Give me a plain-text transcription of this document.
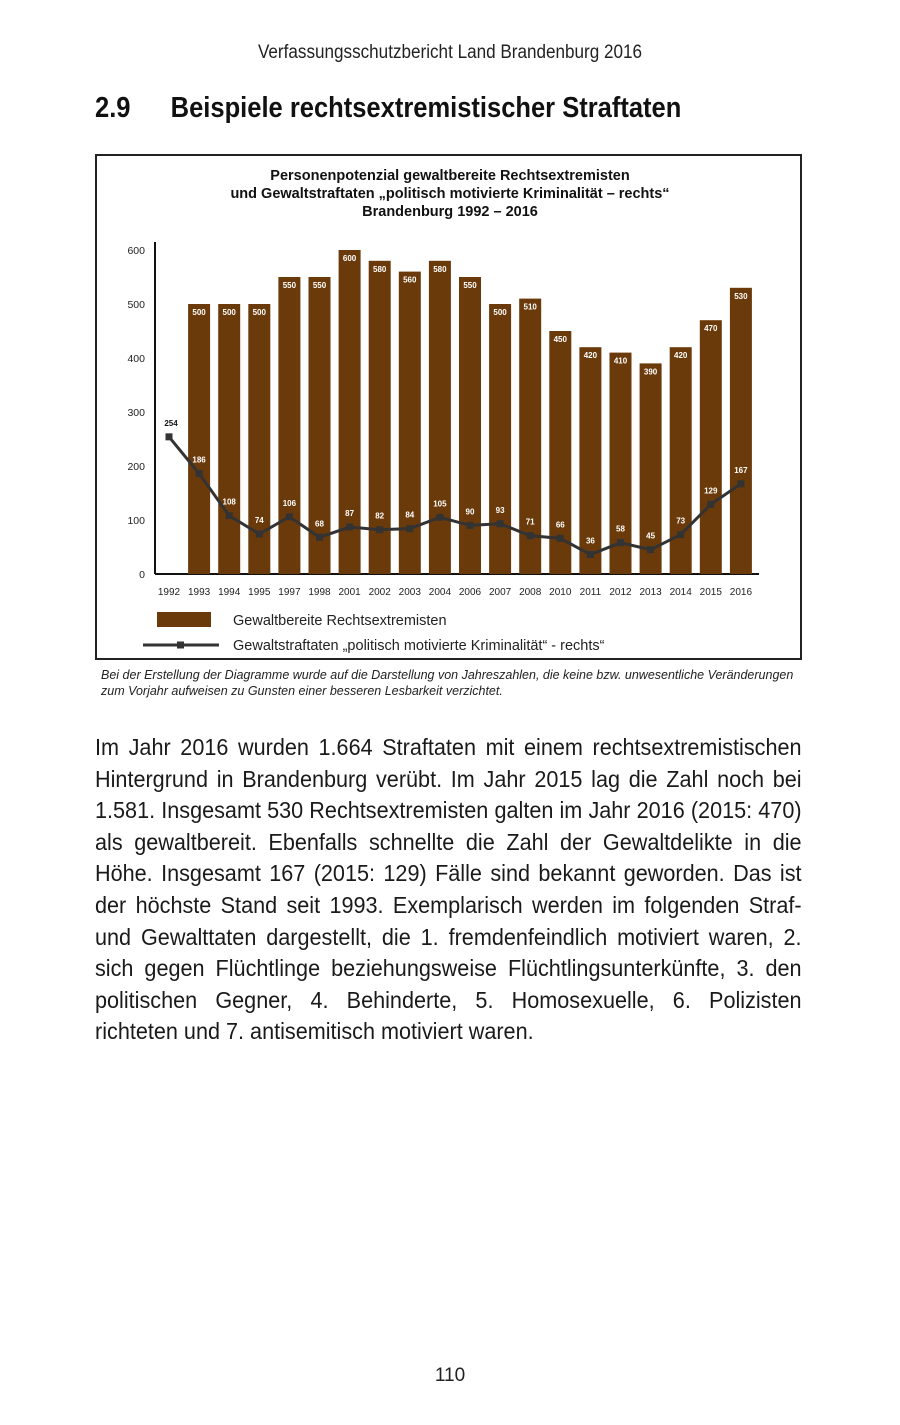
Verfassungsschutzbericht Land Brandenburg 2016
2.9 Beispiele rechtsextremistischer Straftaten
Personenpotenzial gewaltbereite Rechtsextremisten
und Gewaltstraftaten „politisch motivierte Kriminalität – rechts“
Brandenburg 1992 – 2016
0
100
200
300
400
500
600
500 500 500
550 550
600
580
560
580
550
500
510
450
420
410
390
420
470
530
254
186
108
74
106
68
87	82	84
105
90	93
71	66
36
58
45
73
129
167
1992 1993 1994 1995 1997 1998 2001 2002 2003 2004 2006 2007 2008 2010 2011 2012 2013 2014 2015 2016
Gewaltbereite Rechtsextremisten
Gewaltstraftaten „politisch motivierte Kriminalität“ - rechts“
Bei der Erstellung der Diagramme wurde auf die Darstellung von Jahreszahlen, die keine bzw. unwesentliche Veränderungen zum Vorjahr aufweisen zu Gunsten einer besseren Lesbarkeit verzichtet.
Im Jahr 2016 wurden 1.664 Straftaten mit einem rechtsextremistischen Hintergrund in Brandenburg verübt. Im Jahr 2015 lag die Zahl noch bei 1.581. Insgesamt 530 Rechtsextremisten galten im Jahr 2016 (2015: 470) als gewaltbereit. Ebenfalls schnellte die Zahl der Gewaltdelikte in die Höhe. Insgesamt 167 (2015: 129) Fälle sind bekannt geworden. Das ist der höchste Stand seit 1993. Exemplarisch werden im folgenden Straf- und Gewalttaten dargestellt, die 1. fremdenfeindlich motiviert waren, 2. sich gegen Flüchtlinge beziehungsweise Flüchtlingsunterkünfte, 3. den politischen Gegner, 4. Behinderte, 5. Homosexuelle, 6. Polizisten richteten und 7. antisemitisch motiviert waren.
110
